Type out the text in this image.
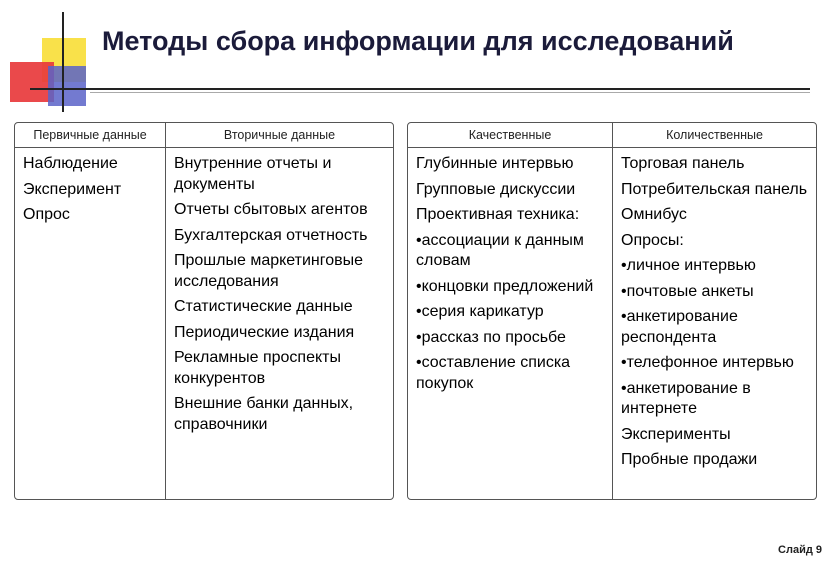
Методы сбора информации для исследований
Первичные данные
Наблюдение
Эксперимент
Опрос
Вторичные данные
Внутренние отчеты и документы
Отчеты сбытовых агентов
Бухгалтерская отчетность
Прошлые маркетинговые исследования
Статистические данные
Периодические издания
Рекламные проспекты конкурентов
Внешние банки данных, справочники
Качественные
Глубинные интервью
Групповые дискуссии
Проективная техника:
•ассоциации к данным словам
•концовки предложений
•серия карикатур
•рассказ по просьбе
•составление списка покупок
Количественные
Торговая панель
Потребительская панель
Омнибус
Опросы:
•личное интервью
•почтовые анкеты
•анкетирование респондента
•телефонное интервью
•анкетирование в интернете
Эксперименты
Пробные продажи
Слайд 9
